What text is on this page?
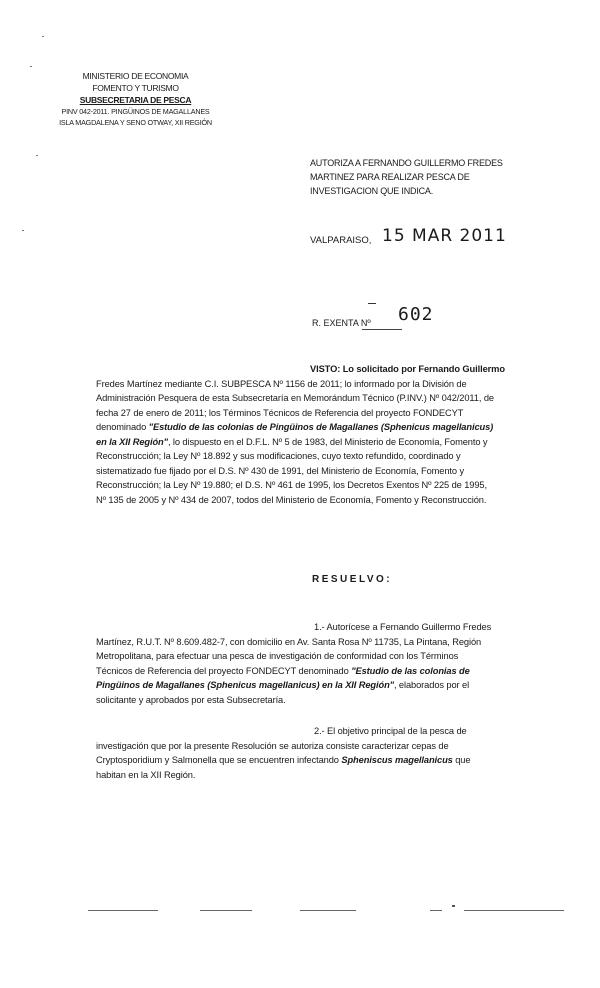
MINISTERIO DE ECONOMIA
FOMENTO Y TURISMO
SUBSECRETARIA DE PESCA
PINV 042-2011. PINGÜINOS DE MAGALLANES
ISLA MAGDALENA Y SENO OTWAY, XII REGIÓN
AUTORIZA A FERNANDO GUILLERMO FREDES
MARTINEZ PARA REALIZAR PESCA DE
INVESTIGACION QUE INDICA.
VALPARAISO, 15 MAR 2011
R. EXENTA Nº 602
VISTO: Lo solicitado por Fernando Guillermo
Fredes Martínez mediante C.I. SUBPESCA Nº 1156 de 2011; lo informado por la División de
Administración Pesquera de esta Subsecretaría en Memorándum Técnico (P.INV.) Nº 042/2011, de
fecha 27 de enero de 2011; los Términos Técnicos de Referencia del proyecto FONDECYT
denominado "Estudio de las colonias de Pingüinos de Magallanes (Sphenicus magellanicus)
en la XII Región", lo dispuesto en el D.F.L. Nº 5 de 1983, del Ministerio de Economía, Fomento y
Reconstrucción; la Ley Nº 18.892 y sus modificaciones, cuyo texto refundido, coordinado y
sistematizado fue fijado por el D.S. Nº 430 de 1991, del Ministerio de Economía, Fomento y
Reconstrucción; la Ley Nº 19.880; el D.S. Nº 461 de 1995, los Decretos Exentos Nº 225 de 1995,
Nº 135 de 2005 y Nº 434 de 2007, todos del Ministerio de Economía, Fomento y Reconstrucción.
RESUELVO:
1.- Autorícese a Fernando Guillermo Fredes
Martínez, R.U.T. Nº 8.609.482-7, con domicilio en Av. Santa Rosa Nº 11735, La Pintana, Región
Metropolitana, para efectuar una pesca de investigación de conformidad con los Términos
Técnicos de Referencia del proyecto FONDECYT denominado "Estudio de las colonias de
Pingüinos de Magallanes (Sphenicus magellanicus) en la XII Región", elaborados por el
solicitante y aprobados por esta Subsecretaría.
2.- El objetivo principal de la pesca de
investigación que por la presente Resolución se autoriza consiste caracterizar cepas de
Cryptosporidium y Salmonella que se encuentren infectando Spheniscus magellanicus que
habitan en la XII Región.
